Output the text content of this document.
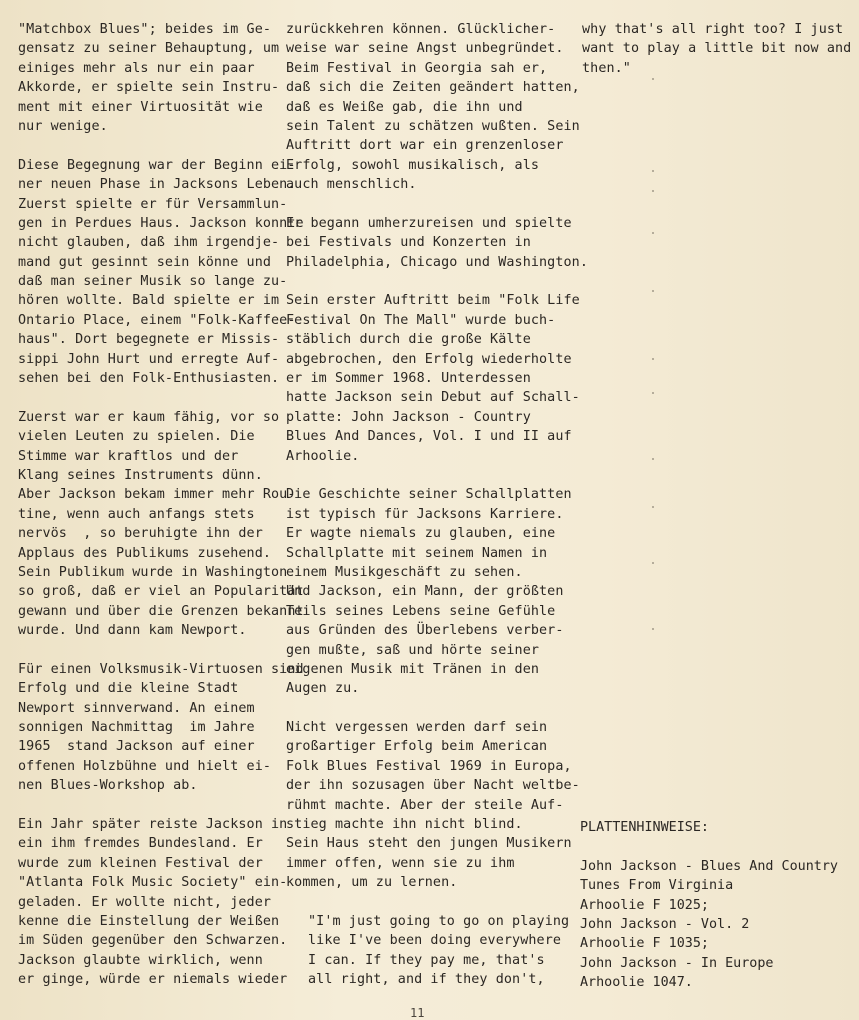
"Matchbox Blues"; beides im Ge-
gensatz zu seiner Behauptung, um
einiges mehr als nur ein paar
Akkorde, er spielte sein Instru-
ment mit einer Virtuosität wie
nur wenige.
Diese Begegnung war der Beginn ei-
ner neuen Phase in Jacksons Leben.
Zuerst spielte er für Versammlun-
gen in Perdues Haus. Jackson konnte
nicht glauben, daß ihm irgendje-
mand gut gesinnt sein könne und
daß man seiner Musik so lange zu-
hören wollte. Bald spielte er im
Ontario Place, einem "Folk-Kaffee-
haus". Dort begegnete er Missis-
sippi John Hurt und erregte Auf-
sehen bei den Folk-Enthusiasten.
Zuerst war er kaum fähig, vor so
vielen Leuten zu spielen. Die
Stimme war kraftlos und der
Klang seines Instruments dünn.
Aber Jackson bekam immer mehr Rou-
tine, wenn auch anfangs stets
nervös  , so beruhigte ihn der
Applaus des Publikums zusehend.
Sein Publikum wurde in Washington
so groß, daß er viel an Popularität
gewann und über die Grenzen bekannt
wurde. Und dann kam Newport.
Für einen Volksmusik-Virtuosen sind
Erfolg und die kleine Stadt
Newport sinnverwand. An einem
sonnigen Nachmittag  im Jahre
1965  stand Jackson auf einer
offenen Holzbühne und hielt ei-
nen Blues-Workshop ab.
Ein Jahr später reiste Jackson in
ein ihm fremdes Bundesland. Er
wurde zum kleinen Festival der
"Atlanta Folk Music Society" ein-
geladen. Er wollte nicht, jeder
kenne die Einstellung der Weißen
im Süden gegenüber den Schwarzen.
Jackson glaubte wirklich, wenn
er ginge, würde er niemals wieder
zurückkehren können. Glücklicher-
weise war seine Angst unbegründet.
Beim Festival in Georgia sah er,
daß sich die Zeiten geändert hatten,
daß es Weiße gab, die ihn und
sein Talent zu schätzen wußten. Sein
Auftritt dort war ein grenzenloser
Erfolg, sowohl musikalisch, als
auch menschlich.
Er begann umherzureisen und spielte
bei Festivals und Konzerten in
Philadelphia, Chicago und Washington.
Sein erster Auftritt beim "Folk Life
Festival On The Mall" wurde buch-
stäblich durch die große Kälte
abgebrochen, den Erfolg wiederholte
er im Sommer 1968. Unterdessen
hatte Jackson sein Debut auf Schall-
platte: John Jackson - Country
Blues And Dances, Vol. I und II auf
Arhoolie.
Die Geschichte seiner Schallplatten
ist typisch für Jacksons Karriere.
Er wagte niemals zu glauben, eine
Schallplatte mit seinem Namen in
einem Musikgeschäft zu sehen.
Und Jackson, ein Mann, der größten
Teils seines Lebens seine Gefühle
aus Gründen des Überlebens verber-
gen mußte, saß und hörte seiner
eigenen Musik mit Tränen in den
Augen zu.
Nicht vergessen werden darf sein
großartiger Erfolg beim American
Folk Blues Festival 1969 in Europa,
der ihn sozusagen über Nacht weltbe-
rühmt machte. Aber der steile Auf-
stieg machte ihn nicht blind.
Sein Haus steht den jungen Musikern
immer offen, wenn sie zu ihm
kommen, um zu lernen.
"I'm just going to go on playing
like I've been doing everywhere
I can. If they pay me, that's
all right, and if they don't,
why that's all right too? I just
want to play a little bit now and
then."
PLATTENHINWEISE:
John Jackson - Blues And Country
Tunes From Virginia
Arhoolie F 1025;
John Jackson - Vol. 2
Arhoolie F 1035;
John Jackson - In Europe
Arhoolie 1047.
11
